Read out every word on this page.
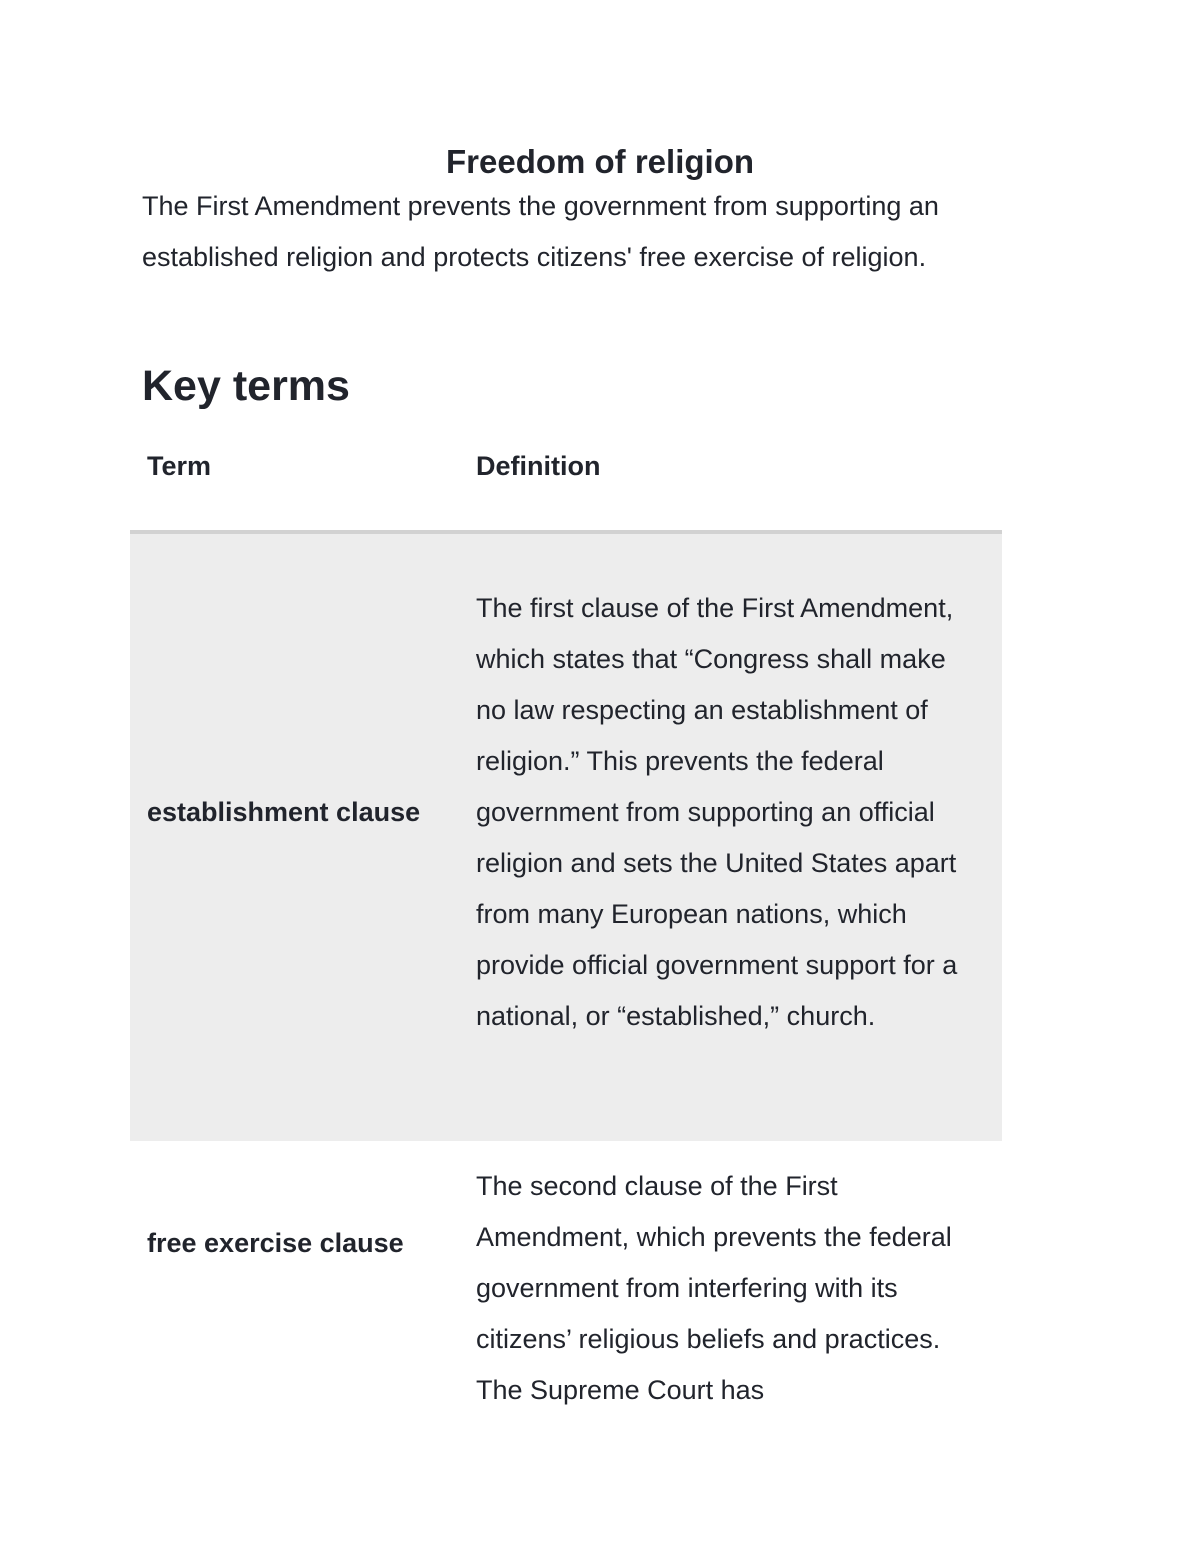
Freedom of religion

The First Amendment prevents the government from supporting an established religion and protects citizens' free exercise of religion.

Key terms
Term	Definition
establishment clause
The first clause of the First Amendment, which states that “Congress shall make no law respecting an establishment of religion.” This prevents the federal government from supporting an official religion and sets the United States apart from many European nations, which provide official government support for a national, or “established,” church.
free exercise clause
The second clause of the First Amendment, which prevents the federal government from interfering with its citizens’ religious beliefs and practices. The Supreme Court has
